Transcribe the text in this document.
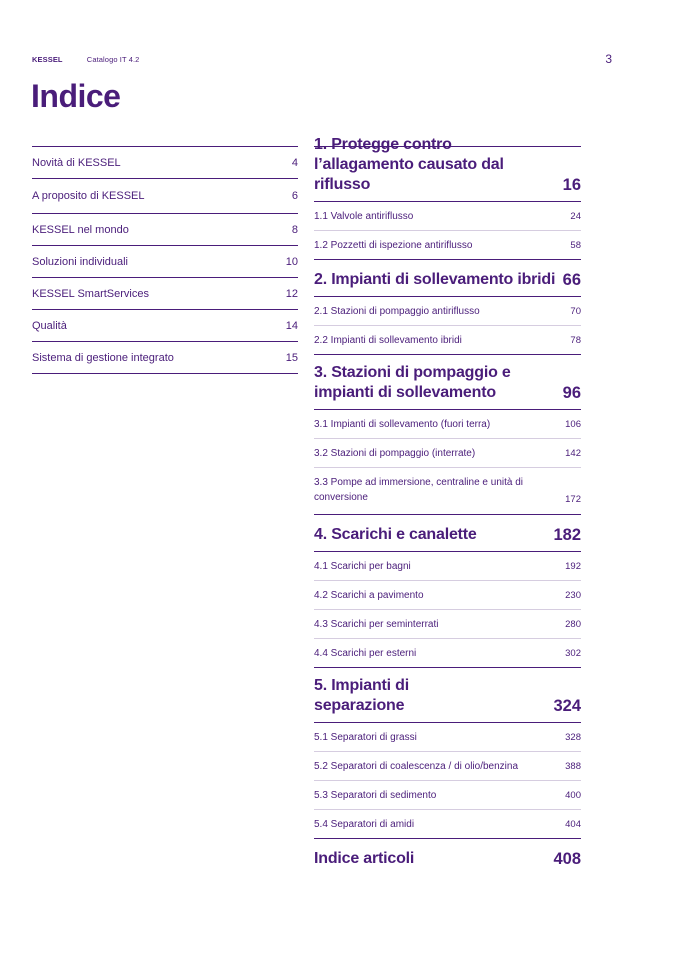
KESSEL	Catalogo IT 4.2	3
Indice
Novità di KESSEL	4
A proposito di KESSEL	6
KESSEL nel mondo	8
Soluzioni individuali	10
KESSEL SmartServices	12
Qualità	14
Sistema di gestione integrato	15
1. Protegge contro l’allagamento causato dal riflusso	16
1.1 Valvole antiriflusso	24
1.2 Pozzetti di ispezione antiriflusso	58
2. Impianti di sollevamento ibridi 66
2.1 Stazioni di pompaggio antiriflusso	70
2.2 Impianti di sollevamento ibridi	78
3. Stazioni di pompaggio e impianti di sollevamento	96
3.1 Impianti di sollevamento (fuori terra)	106
3.2 Stazioni di pompaggio (interrate)	142
3.3 Pompe ad immersione, centraline e unità di conversione	172
4. Scarichi e canalette	182
4.1 Scarichi per bagni	192
4.2 Scarichi a pavimento	230
4.3 Scarichi per seminterrati	280
4.4 Scarichi per esterni	302
5. Impianti di separazione	324
5.1 Separatori di grassi	328
5.2 Separatori di coalescenza / di olio/benzina	388
5.3 Separatori di sedimento	400
5.4 Separatori di amidi	404
Indice articoli	408
